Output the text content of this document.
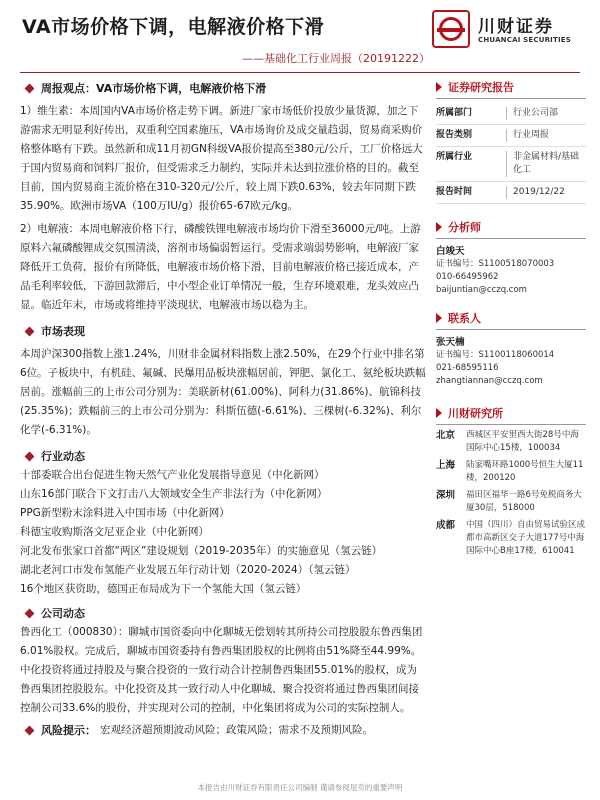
VA市场价格下调，电解液价格下滑	川财证券
CHUANCAI SECURITIES
——基础化工行业周报（20191222）
周报观点：VA市场价格下调，电解液价格下滑

1）维生素：本周国内VA市场价格走势下调。新进厂家市场低价投放少量货源，加之下游需求无明显利好传出，双重利空国素施压，VA市场询价及成交量趋弱，贸易商采购价格整体略有下跌。虽然新和成11月初GN科级VA报价提高至380元/公斤，工厂价格远大于国内贸易商和饲料厂报价，但受需求乏力制约，实际并未达到拉涨价格的目的。截至目前，国内贸易商主流价格在310-320元/公斤，较上周下跌0.63%，较去年同期下跌35.90%。欧洲市场VA（100万IU/g）报价65-67欧元/kg。

2）电解液：本周电解液价格下行，磷酸铁锂电解液市场均价下滑至36000元/吨。上游原料六氟磷酸锂成交氛围清淡，溶剂市场偏弱暂运行。受需求端弱势影响，电解液厂家降低开工负荷，报价有所降低，电解液市场价格下滑，目前电解液价格已接近成本，产品毛利率较低，下游回款滞后，中小型企业订单情况一般，生存环境艰难，龙头效应凸显。临近年末，市场或将维持平淡现状，电解液市场以稳为主。

市场表现

本周沪深300指数上涨1.24%，川财非金属材料指数上涨2.50%，在29个行业中排名第6位。子板块中，有机硅、氟碱、民爆用品板块涨幅居前，钾肥、氯化工、氨纶板块跌幅居前。涨幅前三的上市公司分别为：美联新材(61.00%)、阿科力(31.86%)、航锦科技(25.35%)；跌幅前三的上市公司分别为：科斯伍德(-6.61%)、三棵树(-6.32%)、利尔化学(-6.31%)。

行业动态

十部委联合出台促进生物天然气产业化发展指导意见（中化新网）

山东16部门联合下文打击八大领域安全生产非法行为（中化新网）

PPG新型粉末涂料进入中国市场（中化新网）

科德宝收购斯洛文尼亚企业（中化新网）

河北发布张家口首都“两区”建设规划（2019-2035年）的实施意见（氢云链）

湖北老河口市发布氢能产业发展五年行动计划（2020-2024）（氢云链）

16个地区获资助，德国正布局成为下一个氢能大国（氢云链）

公司动态

鲁西化工（000830）：聊城市国资委向中化聊城无偿划转其所持公司控股股东鲁西集团6.01%股权。完成后，聊城市国资委持有鲁西集团股权的比例将由51%降至44.99%。中化投资将通过持股及与聚合投资的一致行动合计控制鲁西集团55.01%的股权，成为鲁西集团控股股东。中化投资及其一致行动人中化聊城、聚合投资将通过鲁西集团间接控制公司33.6%的股份，并实现对公司的控制，中化集团将成为公司的实际控制人。

风险提示： 宏观经济超预期波动风险；政策风险；需求不及预期风险。
证券研究报告
所属部门	行业公司部
报告类别	行业周报
所属行业	非金属材料/基础化工
报告时间	2019/12/22
分析师
白竣天
证书编号：S1100518070003
010-66495962
baijuntian@cczq.com
联系人
张天楠
证书编号：S1100118060014
021-68595116
zhangtiannan@cczq.com
川财研究所
北京	西城区平安里西大街28号中海国际中心15楼，100034
上海	陆家嘴环路1000号恒生大厦11楼，200120
深圳	福田区福华一路6号免税商务大厦30层，518000
成都	中国（四川）自由贸易试验区成都市高新区交子大道177号中海国际中心B座17楼，610041
本报告由川财证券有限责任公司编制 谨请参阅尾页的重要声明
